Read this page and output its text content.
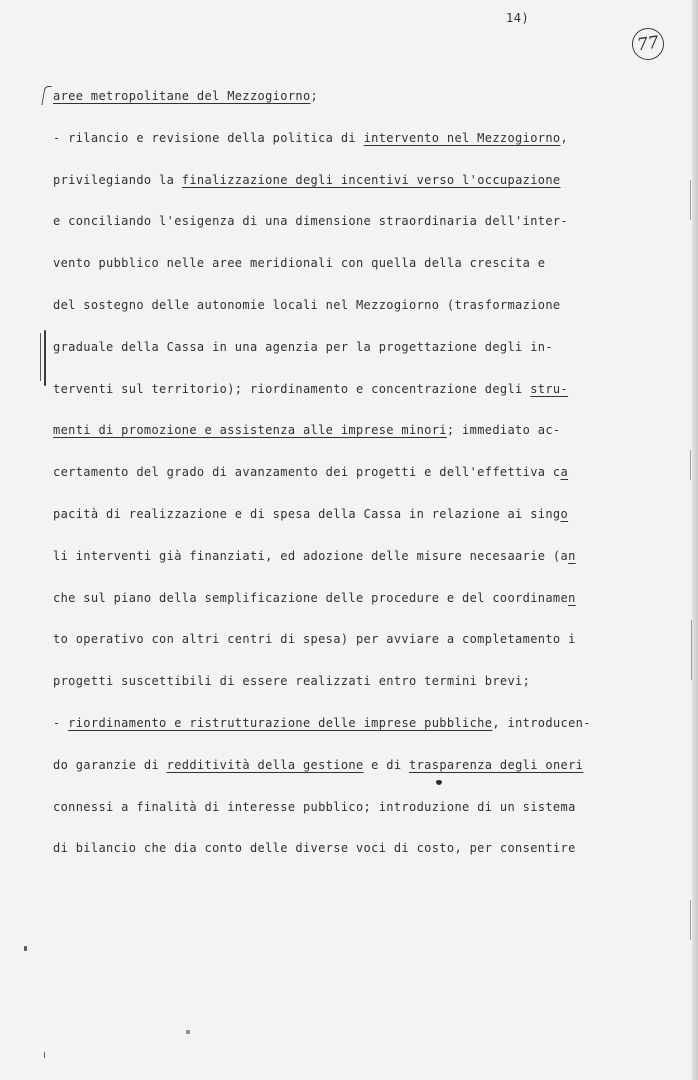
14)
77
aree metropolitane del Mezzogiorno;
- rilancio e revisione della politica di intervento nel Mezzogiorno,
privilegiando la finalizzazione degli incentivi verso l'occupazione
e conciliando l'esigenza di una dimensione straordinaria dell'inter-
vento pubblico nelle aree meridionali con quella della crescita e
del sostegno delle autonomie locali nel Mezzogiorno (trasformazione
graduale della Cassa in una agenzia per la progettazione degli in-
terventi sul territorio); riordinamento e concentrazione degli stru-
menti di promozione e assistenza alle imprese minori; immediato ac-
certamento del grado di avanzamento dei progetti e dell'effettiva ca
pacità di realizzazione e di spesa della Cassa in relazione ai singo
li interventi già finanziati, ed adozione delle misure necesaarie (an
che sul piano della semplificazione delle procedure e del coordinamen
to operativo con altri centri di spesa) per avviare a completamento i
progetti suscettibili di essere realizzati entro termini brevi;
- riordinamento e ristrutturazione delle imprese pubbliche, introducen-
do garanzie di redditività della gestione e di trasparenza degli oneri
connessi a finalità di interesse pubblico; introduzione di un sistema
di bilancio che dia conto delle diverse voci di costo, per consentire
